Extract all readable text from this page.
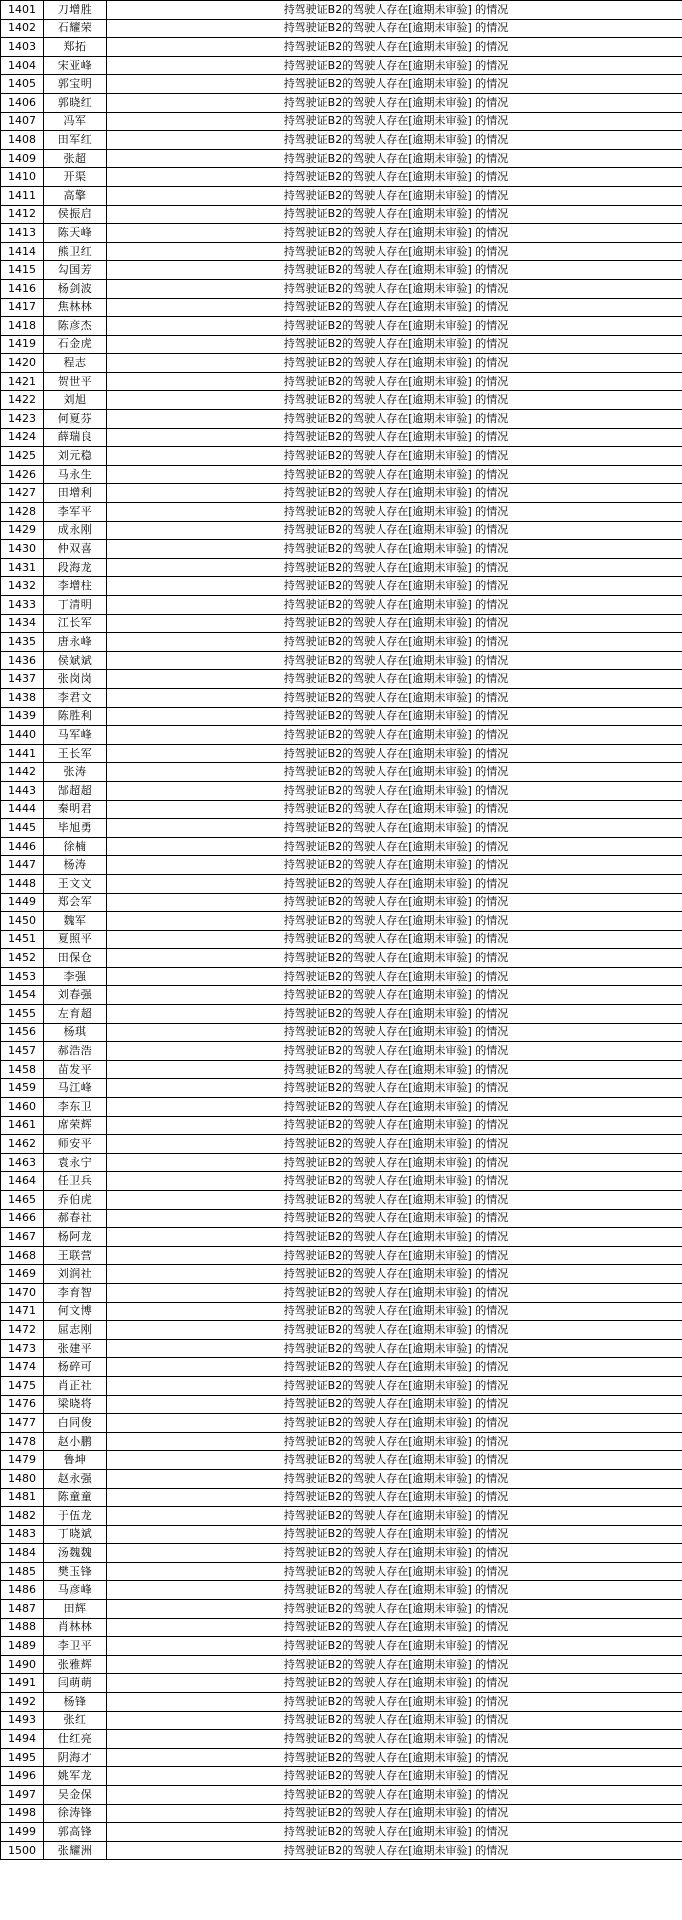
1401	刀增胜	持驾驶证B2的驾驶人存在[逾期未审验] 的情况
1402	石耀荣	持驾驶证B2的驾驶人存在[逾期未审验] 的情况
1403	郑拓	持驾驶证B2的驾驶人存在[逾期未审验] 的情况
1404	宋亚峰	持驾驶证B2的驾驶人存在[逾期未审验] 的情况
1405	郭宝明	持驾驶证B2的驾驶人存在[逾期未审验] 的情况
1406	郭晓红	持驾驶证B2的驾驶人存在[逾期未审验] 的情况
1407	冯军	持驾驶证B2的驾驶人存在[逾期未审验] 的情况
1408	田军红	持驾驶证B2的驾驶人存在[逾期未审验] 的情况
1409	张超	持驾驶证B2的驾驶人存在[逾期未审验] 的情况
1410	开渠	持驾驶证B2的驾驶人存在[逾期未审验] 的情况
1411	高擎	持驾驶证B2的驾驶人存在[逾期未审验] 的情况
1412	侯振启	持驾驶证B2的驾驶人存在[逾期未审验] 的情况
1413	陈天峰	持驾驶证B2的驾驶人存在[逾期未审验] 的情况
1414	熊卫红	持驾驶证B2的驾驶人存在[逾期未审验] 的情况
1415	勾国芳	持驾驶证B2的驾驶人存在[逾期未审验] 的情况
1416	杨剑波	持驾驶证B2的驾驶人存在[逾期未审验] 的情况
1417	焦林林	持驾驶证B2的驾驶人存在[逾期未审验] 的情况
1418	陈彦杰	持驾驶证B2的驾驶人存在[逾期未审验] 的情况
1419	石金虎	持驾驶证B2的驾驶人存在[逾期未审验] 的情况
1420	程志	持驾驶证B2的驾驶人存在[逾期未审验] 的情况
1421	贺世平	持驾驶证B2的驾驶人存在[逾期未审验] 的情况
1422	刘旭	持驾驶证B2的驾驶人存在[逾期未审验] 的情况
1423	何夏芬	持驾驶证B2的驾驶人存在[逾期未审验] 的情况
1424	薛瑞良	持驾驶证B2的驾驶人存在[逾期未审验] 的情况
1425	刘元稳	持驾驶证B2的驾驶人存在[逾期未审验] 的情况
1426	马永生	持驾驶证B2的驾驶人存在[逾期未审验] 的情况
1427	田增利	持驾驶证B2的驾驶人存在[逾期未审验] 的情况
1428	李军平	持驾驶证B2的驾驶人存在[逾期未审验] 的情况
1429	成永刚	持驾驶证B2的驾驶人存在[逾期未审验] 的情况
1430	仲双喜	持驾驶证B2的驾驶人存在[逾期未审验] 的情况
1431	段海龙	持驾驶证B2的驾驶人存在[逾期未审验] 的情况
1432	李增柱	持驾驶证B2的驾驶人存在[逾期未审验] 的情况
1433	丁清明	持驾驶证B2的驾驶人存在[逾期未审验] 的情况
1434	江长军	持驾驶证B2的驾驶人存在[逾期未审验] 的情况
1435	唐永峰	持驾驶证B2的驾驶人存在[逾期未审验] 的情况
1436	侯斌斌	持驾驶证B2的驾驶人存在[逾期未审验] 的情况
1437	张岗岗	持驾驶证B2的驾驶人存在[逾期未审验] 的情况
1438	李君文	持驾驶证B2的驾驶人存在[逾期未审验] 的情况
1439	陈胜利	持驾驶证B2的驾驶人存在[逾期未审验] 的情况
1440	马军峰	持驾驶证B2的驾驶人存在[逾期未审验] 的情况
1441	王长军	持驾驶证B2的驾驶人存在[逾期未审验] 的情况
1442	张涛	持驾驶证B2的驾驶人存在[逾期未审验] 的情况
1443	郜超超	持驾驶证B2的驾驶人存在[逾期未审验] 的情况
1444	秦明君	持驾驶证B2的驾驶人存在[逾期未审验] 的情况
1445	毕旭勇	持驾驶证B2的驾驶人存在[逾期未审验] 的情况
1446	徐楠	持驾驶证B2的驾驶人存在[逾期未审验] 的情况
1447	杨涛	持驾驶证B2的驾驶人存在[逾期未审验] 的情况
1448	王文文	持驾驶证B2的驾驶人存在[逾期未审验] 的情况
1449	郑会军	持驾驶证B2的驾驶人存在[逾期未审验] 的情况
1450	魏军	持驾驶证B2的驾驶人存在[逾期未审验] 的情况
1451	夏照平	持驾驶证B2的驾驶人存在[逾期未审验] 的情况
1452	田保仓	持驾驶证B2的驾驶人存在[逾期未审验] 的情况
1453	李强	持驾驶证B2的驾驶人存在[逾期未审验] 的情况
1454	刘春强	持驾驶证B2的驾驶人存在[逾期未审验] 的情况
1455	左育超	持驾驶证B2的驾驶人存在[逾期未审验] 的情况
1456	杨琪	持驾驶证B2的驾驶人存在[逾期未审验] 的情况
1457	郝浩浩	持驾驶证B2的驾驶人存在[逾期未审验] 的情况
1458	苗发平	持驾驶证B2的驾驶人存在[逾期未审验] 的情况
1459	马江峰	持驾驶证B2的驾驶人存在[逾期未审验] 的情况
1460	李东卫	持驾驶证B2的驾驶人存在[逾期未审验] 的情况
1461	席荣辉	持驾驶证B2的驾驶人存在[逾期未审验] 的情况
1462	师安平	持驾驶证B2的驾驶人存在[逾期未审验] 的情况
1463	袁永宁	持驾驶证B2的驾驶人存在[逾期未审验] 的情况
1464	任卫兵	持驾驶证B2的驾驶人存在[逾期未审验] 的情况
1465	乔伯虎	持驾驶证B2的驾驶人存在[逾期未审验] 的情况
1466	郝春社	持驾驶证B2的驾驶人存在[逾期未审验] 的情况
1467	杨阿龙	持驾驶证B2的驾驶人存在[逾期未审验] 的情况
1468	王联营	持驾驶证B2的驾驶人存在[逾期未审验] 的情况
1469	刘润社	持驾驶证B2的驾驶人存在[逾期未审验] 的情况
1470	李育智	持驾驶证B2的驾驶人存在[逾期未审验] 的情况
1471	何文博	持驾驶证B2的驾驶人存在[逾期未审验] 的情况
1472	屈志刚	持驾驶证B2的驾驶人存在[逾期未审验] 的情况
1473	张建平	持驾驶证B2的驾驶人存在[逾期未审验] 的情况
1474	杨碎可	持驾驶证B2的驾驶人存在[逾期未审验] 的情况
1475	肖正社	持驾驶证B2的驾驶人存在[逾期未审验] 的情况
1476	梁晓将	持驾驶证B2的驾驶人存在[逾期未审验] 的情况
1477	白同俊	持驾驶证B2的驾驶人存在[逾期未审验] 的情况
1478	赵小鹏	持驾驶证B2的驾驶人存在[逾期未审验] 的情况
1479	鲁坤	持驾驶证B2的驾驶人存在[逾期未审验] 的情况
1480	赵永强	持驾驶证B2的驾驶人存在[逾期未审验] 的情况
1481	陈童童	持驾驶证B2的驾驶人存在[逾期未审验] 的情况
1482	于伍龙	持驾驶证B2的驾驶人存在[逾期未审验] 的情况
1483	丁晓斌	持驾驶证B2的驾驶人存在[逾期未审验] 的情况
1484	汤魏魏	持驾驶证B2的驾驶人存在[逾期未审验] 的情况
1485	樊玉锋	持驾驶证B2的驾驶人存在[逾期未审验] 的情况
1486	马彦峰	持驾驶证B2的驾驶人存在[逾期未审验] 的情况
1487	田辉	持驾驶证B2的驾驶人存在[逾期未审验] 的情况
1488	肖林林	持驾驶证B2的驾驶人存在[逾期未审验] 的情况
1489	李卫平	持驾驶证B2的驾驶人存在[逾期未审验] 的情况
1490	张雅辉	持驾驶证B2的驾驶人存在[逾期未审验] 的情况
1491	闫萌萌	持驾驶证B2的驾驶人存在[逾期未审验] 的情况
1492	杨锋	持驾驶证B2的驾驶人存在[逾期未审验] 的情况
1493	张红	持驾驶证B2的驾驶人存在[逾期未审验] 的情况
1494	仕红亮	持驾驶证B2的驾驶人存在[逾期未审验] 的情况
1495	阴海才	持驾驶证B2的驾驶人存在[逾期未审验] 的情况
1496	姚军龙	持驾驶证B2的驾驶人存在[逾期未审验] 的情况
1497	吴金保	持驾驶证B2的驾驶人存在[逾期未审验] 的情况
1498	徐涛锋	持驾驶证B2的驾驶人存在[逾期未审验] 的情况
1499	郭高锋	持驾驶证B2的驾驶人存在[逾期未审验] 的情况
1500	张耀洲	持驾驶证B2的驾驶人存在[逾期未审验] 的情况
